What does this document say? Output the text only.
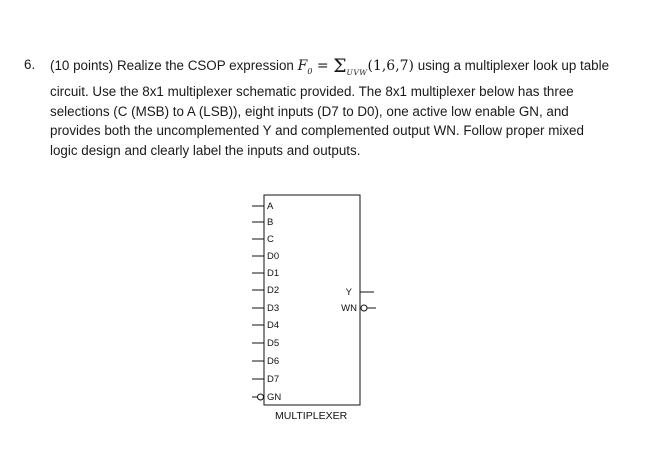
6. (10 points) Realize the CSOP expression $F_0 = \Sigma_{UVW}(1,6,7)$ using a multiplexer look up table
circuit. Use the 8x1 multiplexer schematic provided. The 8x1 multiplexer below has three
selections (C (MSB) to A (LSB)), eight inputs (D7 to D0), one active low enable GN, and
provides both the uncomplemented Y and complemented output WN. Follow proper mixed
logic design and clearly label the inputs and outputs.
A
B
C
D0
D1
D2
D3
D4
D5
D6
D7
GN
Y
WN
MULTIPLEXER
